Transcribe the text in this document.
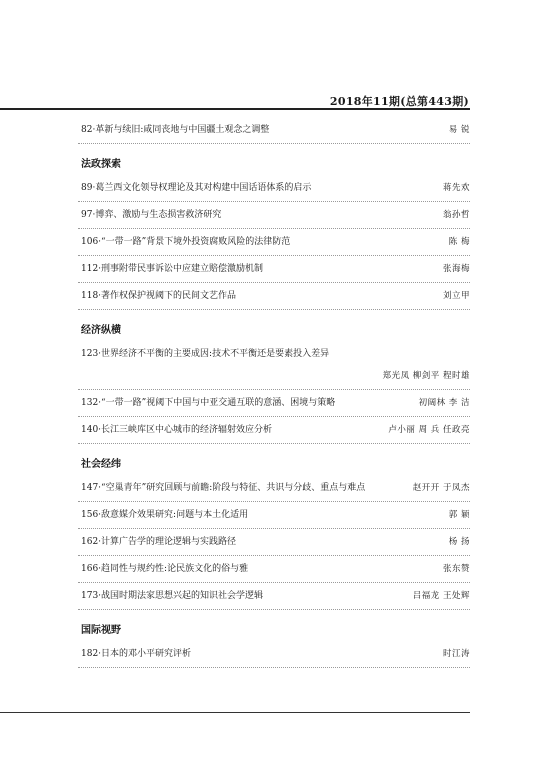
2018年11期(总第443期)
82·革新与续旧:咸同丧地与中国疆土观念之调整	易 锐
法政探索
89·葛兰西文化领导权理论及其对构建中国话语体系的启示	蒋先欢
97·博弈、激励与生态损害救济研究	翁孙哲
106·“一带一路”背景下境外投资腐败风险的法律防范	陈 梅
112·刑事附带民事诉讼中应建立赔偿激励机制	张海梅
118·著作权保护视阈下的民间文艺作品	刘立甲
经济纵横
123·世界经济不平衡的主要成因:技术不平衡还是要素投入差异
郑光凤 柳剑平 程时雄
132·“一带一路”视阈下中国与中亚交通互联的意涵、困境与策略	初阔林 李 洁
140·长江三峡库区中心城市的经济辐射效应分析	卢小丽 周 兵 任政亮
社会经纬
147·“空巢青年”研究回顾与前瞻:阶段与特征、共识与分歧、重点与难点	赵开开 于凤杰
156·敌意媒介效果研究:问题与本土化适用	郭 颖
162·计算广告学的理论逻辑与实践路径	杨 扬
166·趋同性与规约性:论民族文化的俗与雅	张东赞
173·战国时期法家思想兴起的知识社会学逻辑	吕福龙 王处辉
国际视野
182·日本的邓小平研究评析	时江涛
